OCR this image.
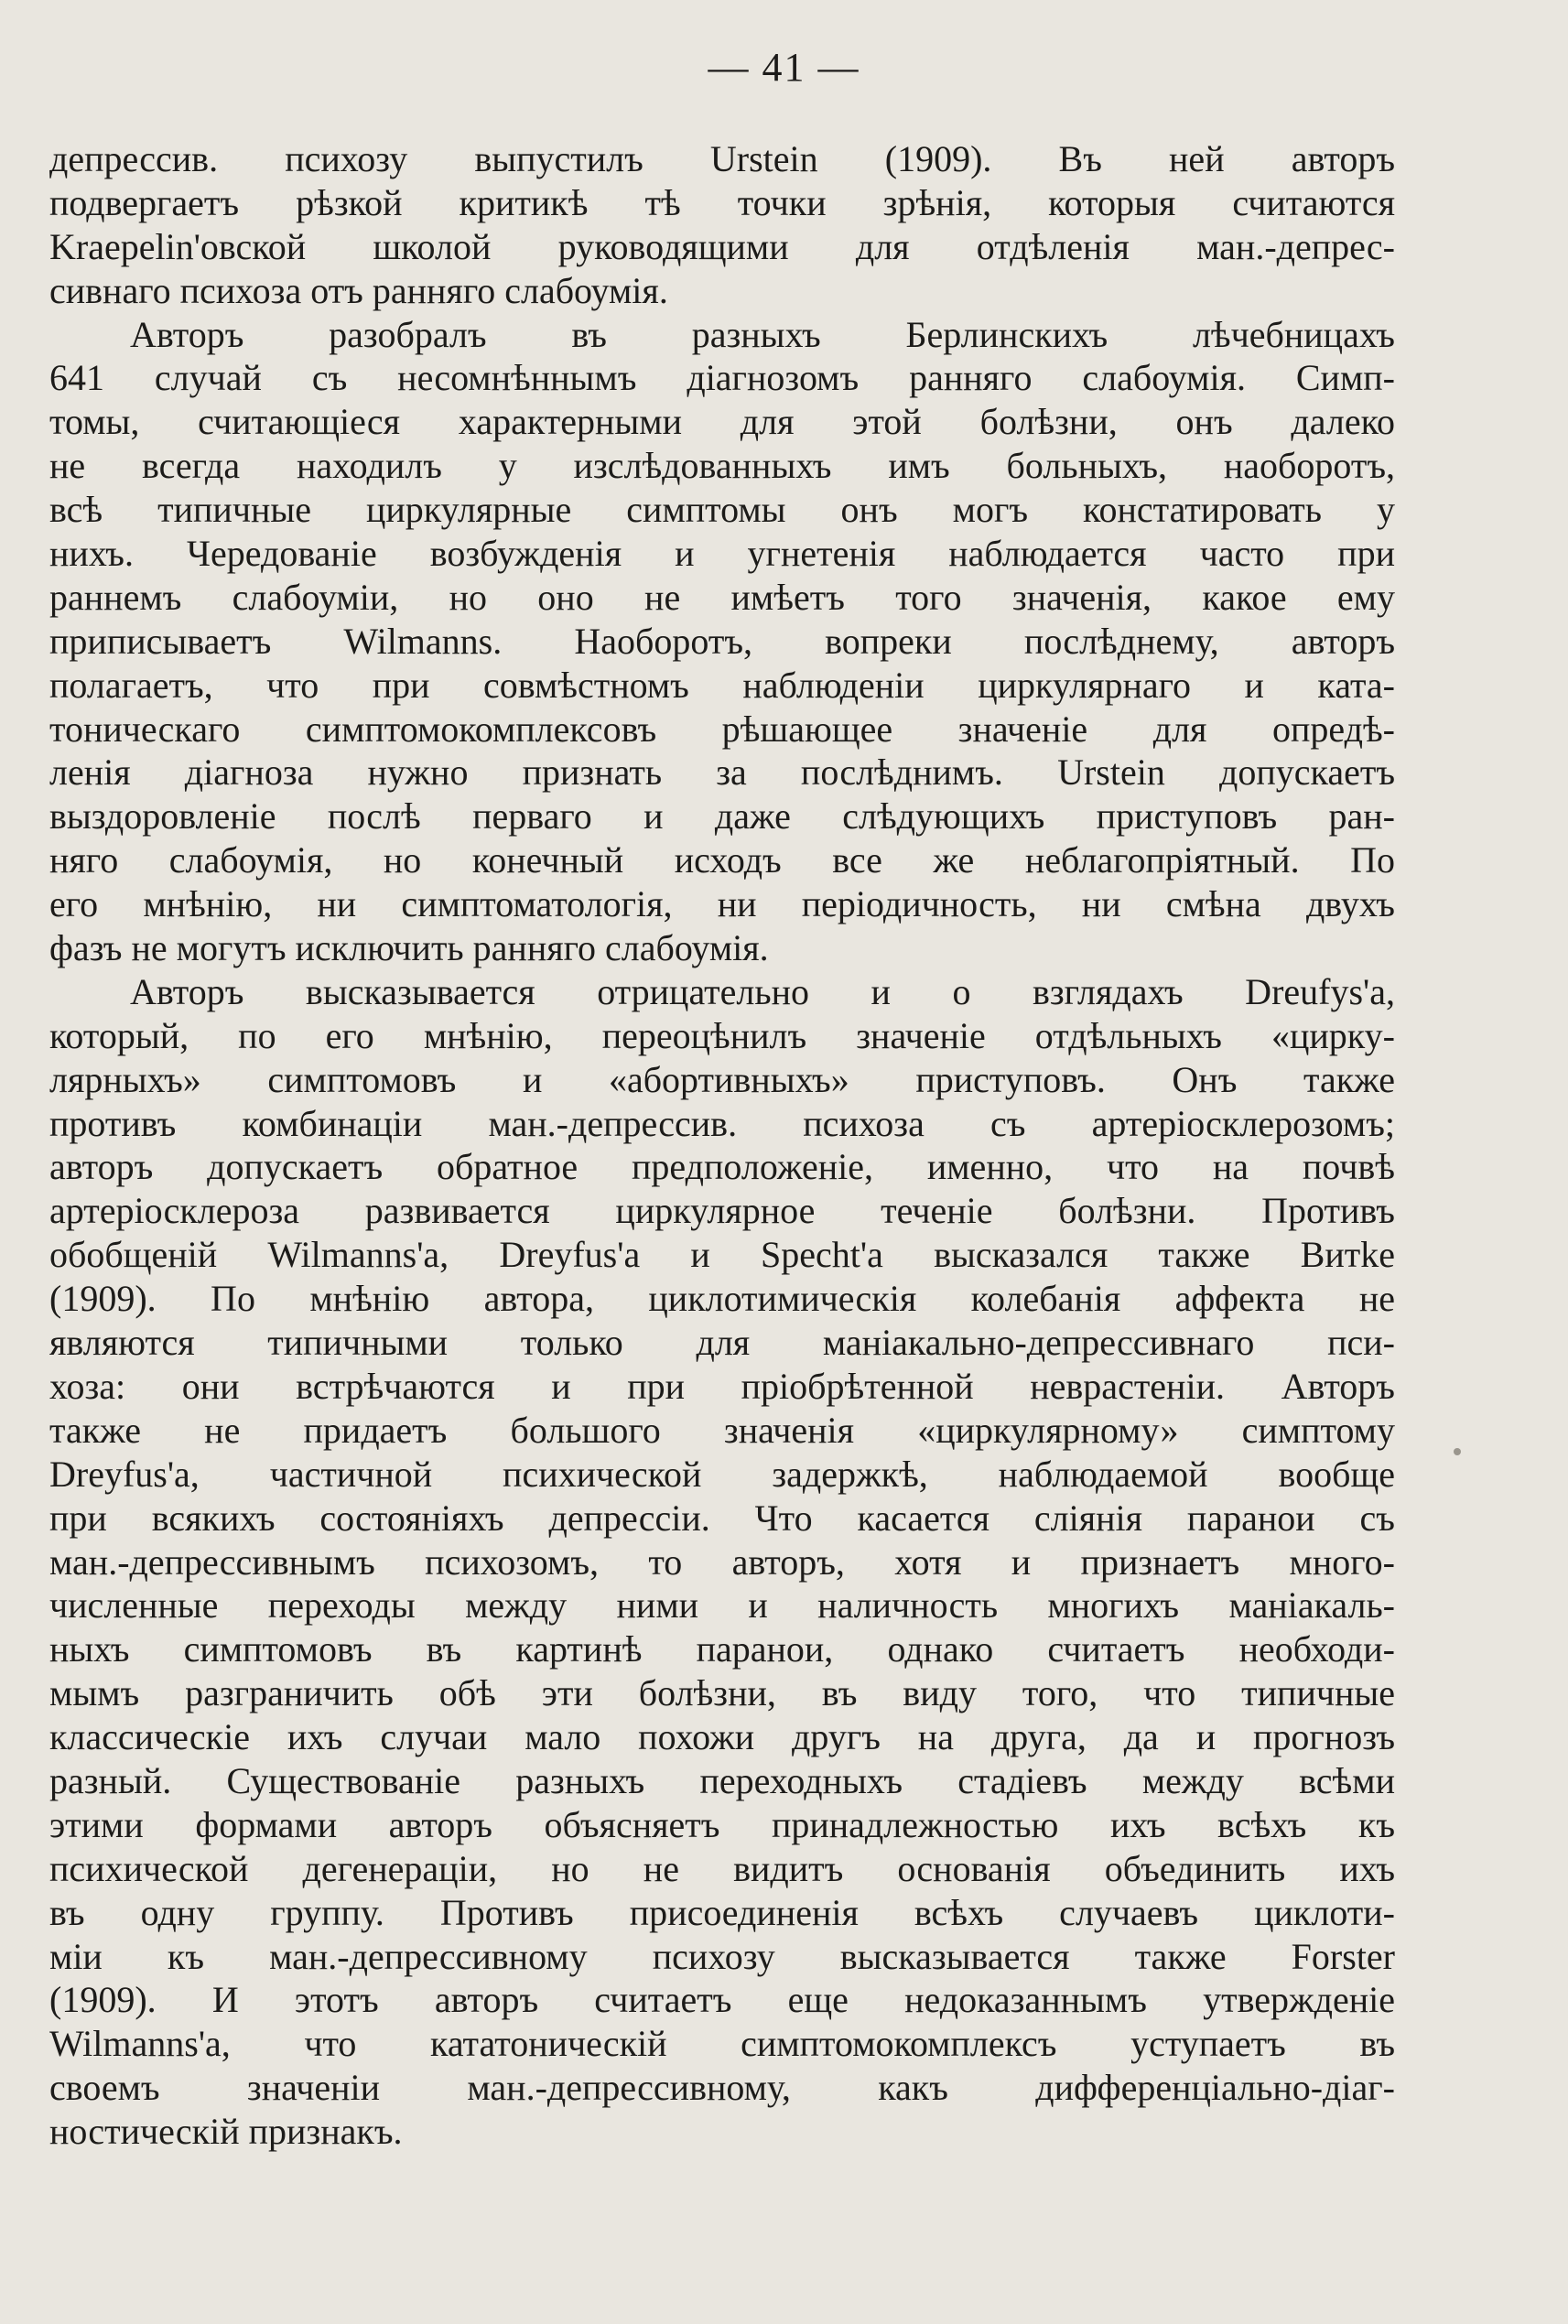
— 41 —
депрессив. психозу выпустилъ Urstein (1909). Въ ней авторъ
подвергаетъ рѣзкой критикѣ тѣ точки зрѣнія, которыя считаются
Kraepelin'овской школой руководящими для отдѣленія ман.-депрес-
сивнаго психоза отъ ранняго слабоумія.
Авторъ разобралъ въ разныхъ Берлинскихъ лѣчебницахъ
641 случай съ несомнѣннымъ діагнозомъ ранняго слабоумія. Симп-
томы, считающіеся характерными для этой болѣзни, онъ далеко
не всегда находилъ у изслѣдованныхъ имъ больныхъ, наоборотъ,
всѣ типичные циркулярные симптомы онъ могъ констатировать у
нихъ. Чередованіе возбужденія и угнетенія наблюдается часто при
раннемъ слабоуміи, но оно не имѣетъ того значенія, какое ему
приписываетъ Wilmanns. Наоборотъ, вопреки послѣднему, авторъ
полагаетъ, что при совмѣстномъ наблюденіи циркулярнаго и ката-
тоническаго симптомокомплексовъ рѣшающее значеніе для опредѣ-
ленія діагноза нужно признать за послѣднимъ. Urstein допускаетъ
выздоровленіе послѣ перваго и даже слѣдующихъ приступовъ ран-
няго слабоумія, но конечный исходъ все же неблагопріятный. По
его мнѣнію, ни симптоматологія, ни періодичность, ни смѣна двухъ
фазъ не могутъ исключить ранняго слабоумія.
Авторъ высказывается отрицательно и о взглядахъ Dreufys'а,
который, по его мнѣнію, переоцѣнилъ значеніе отдѣльныхъ «цирку-
лярныхъ» симптомовъ и «абортивныхъ» приступовъ. Онъ также
противъ комбинаціи ман.-депрессив. психоза съ артеріосклерозомъ;
авторъ допускаетъ обратное предположеніе, именно, что на почвѣ
артеріосклероза развивается циркулярное теченіе болѣзни. Противъ
обобщеній Wilmanns'а, Dreyfus'а и Specht'а высказался также Витke
(1909). По мнѣнію автора, циклотимическія колебанія аффекта не
являются типичными только для маніакально-депрессивнаго пси-
хоза: они встрѣчаются и при пріобрѣтенной неврастеніи. Авторъ
также не придаетъ большого значенія «циркулярному» симптому
Dreyfus'а, частичной психической задержкѣ, наблюдаемой вообще
при всякихъ состояніяхъ депрессіи. Что касается сліянія паранои съ
ман.-депрессивнымъ психозомъ, то авторъ, хотя и признаетъ много-
численные переходы между ними и наличность многихъ маніакаль-
ныхъ симптомовъ въ картинѣ паранои, однако считаетъ необходи-
мымъ разграничить обѣ эти болѣзни, въ виду того, что типичные
классическіе ихъ случаи мало похожи другъ на друга, да и прогнозъ
разный. Существованіе разныхъ переходныхъ стадіевъ между всѣми
этими формами авторъ объясняетъ принадлежностью ихъ всѣхъ къ
психической дегенераціи, но не видитъ основанія объединить ихъ
въ одну группу. Противъ присоединенія всѣхъ случаевъ циклоти-
міи къ ман.-депрессивному психозу высказывается также Forster
(1909). И этотъ авторъ считаетъ еще недоказаннымъ утвержденіе
Wilmanns'а, что кататоническій симптомокомплексъ уступаетъ въ
своемъ значеніи ман.-депрессивному, какъ дифференціально-діаг-
ностическій признакъ.
